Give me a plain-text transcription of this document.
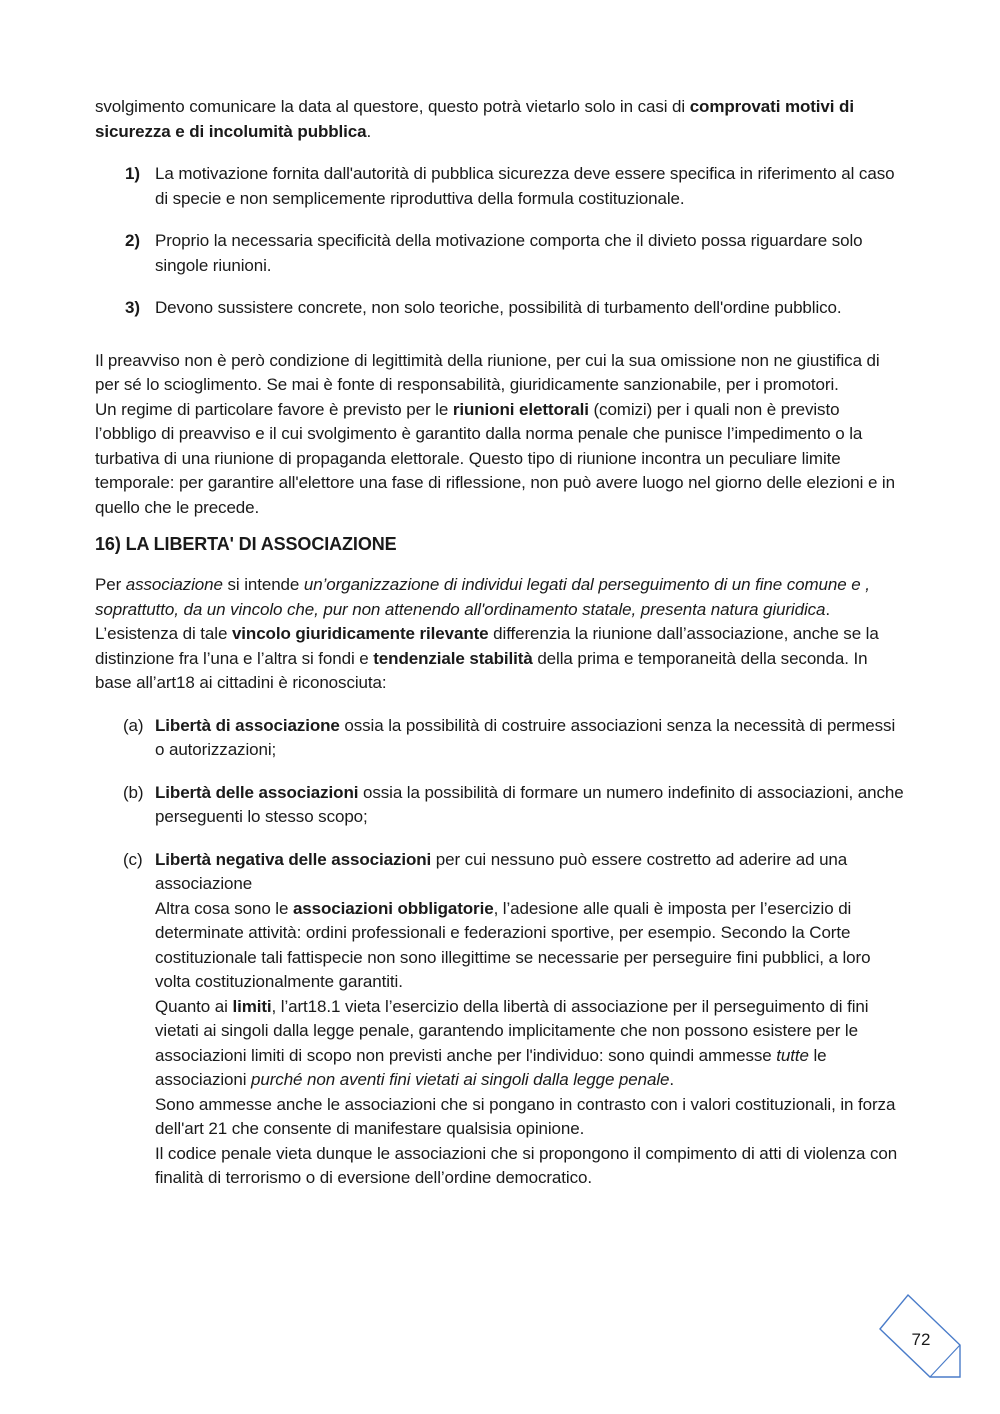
svolgimento comunicare la data al questore, questo potrà vietarlo solo in casi di comprovati motivi di sicurezza e di incolumità pubblica.

1) La motivazione fornita dall'autorità di pubblica sicurezza deve essere specifica in riferimento al caso di specie e non semplicemente riproduttiva della formula costituzionale.
2) Proprio la necessaria specificità della motivazione comporta che il divieto possa riguardare solo singole riunioni.
3) Devono sussistere concrete, non solo teoriche, possibilità di turbamento dell'ordine pubblico.

Il preavviso non è però condizione di legittimità della riunione, per cui la sua omissione non ne giustifica di per sé lo scioglimento. Se mai è fonte di responsabilità, giuridicamente sanzionabile, per i promotori.

Un regime di particolare favore è previsto per le riunioni elettorali (comizi) per i quali non è previsto l’obbligo di preavviso e il cui svolgimento è garantito dalla norma penale che punisce l’impedimento o la turbativa di una riunione di propaganda elettorale. Questo tipo di riunione incontra un peculiare limite temporale: per garantire all'elettore una fase di riflessione, non può avere luogo nel giorno delle elezioni e in quello che le precede.

16) LA LIBERTA' DI ASSOCIAZIONE

Per associazione si intende un’organizzazione di individui legati dal perseguimento di un fine comune e , soprattutto, da un vincolo che, pur non attenendo all'ordinamento statale, presenta natura giuridica. L’esistenza di tale vincolo giuridicamente rilevante differenzia la riunione dall’associazione, anche se la distinzione fra l’una e l’altra si fondi e tendenziale stabilità della prima e temporaneità della seconda. In base all’art18 ai cittadini è riconosciuta:

(a) Libertà di associazione ossia la possibilità di costruire associazioni senza la necessità di permessi o autorizzazioni;
(b) Libertà delle associazioni ossia la possibilità di formare un numero indefinito di associazioni, anche perseguenti lo stesso scopo;
(c) Libertà negativa delle associazioni per cui nessuno può essere costretto ad aderire ad una associazione

Altra cosa sono le associazioni obbligatorie, l’adesione alle quali è imposta per l’esercizio di determinate attività: ordini professionali e federazioni sportive, per esempio. Secondo la Corte costituzionale tali fattispecie non sono illegittime se necessarie per perseguire fini pubblici, a loro volta costituzionalmente garantiti.

Quanto ai limiti, l’art18.1 vieta l’esercizio della libertà di associazione per il perseguimento di fini vietati ai singoli dalla legge penale, garantendo implicitamente che non possono esistere per le associazioni limiti di scopo non previsti anche per l'individuo: sono quindi ammesse tutte le associazioni purché non aventi fini vietati ai singoli dalla legge penale.

Sono ammesse anche le associazioni che si pongano in contrasto con i valori costituzionali, in forza dell'art 21 che consente di manifestare qualsisia opinione.

Il codice penale vieta dunque le associazioni che si propongono il compimento di atti di violenza con finalità di terrorismo o di eversione dell’ordine democratico.

72
